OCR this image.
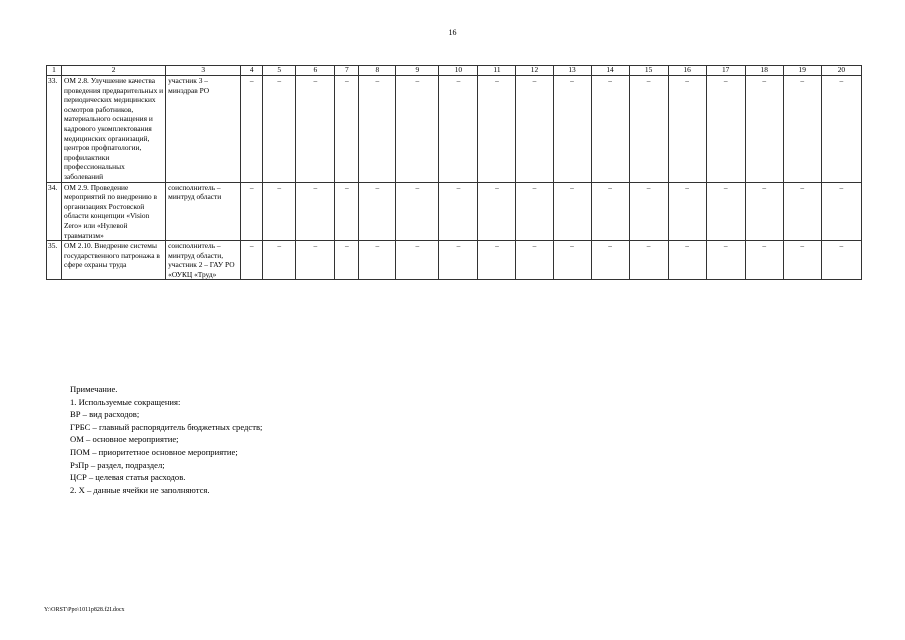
16
1	2	3	4	5	6	7	8	9	10	11	12	13	14	15	16	17	18	19	20
33.	ОМ 2.8. Улучшение качества проведения предварительных и периодических медицинских осмотров работников, материального оснащения и кадрового укомплектования медицинских организаций, центров профпатологии, профилактики профессиональных заболеваний	участник 3 – минздрав РО	–	–	–	–	–	–	–	–	–	–	–	–	–	–	–	–	–
34.	ОМ 2.9. Проведение мероприятий по внедрению в организациях Ростовской области концепции «Vision Zero» или «Нулевой травматизм»	соисполнитель – минтруд области	–	–	–	–	–	–	–	–	–	–	–	–	–	–	–	–	–
35.	ОМ 2.10. Внедрение системы государственного патронажа в сфере охраны труда	соисполнитель – минтруд области, участник 2 – ГАУ РО «ОУКЦ «Труд»	–	–	–	–	–	–	–	–	–	–	–	–	–	–	–	–	–
Примечание.
1. Используемые сокращения:
ВР – вид расходов;
ГРБС – главный распорядитель бюджетных средств;
ОМ – основное мероприятие;
ПОМ – приоритетное основное мероприятие;
РзПр – раздел, подраздел;
ЦСР – целевая статья расходов.
2. Х – данные ячейки не заполняются.
Y:\ORST\Ppo\1011p828.f2I.docx
